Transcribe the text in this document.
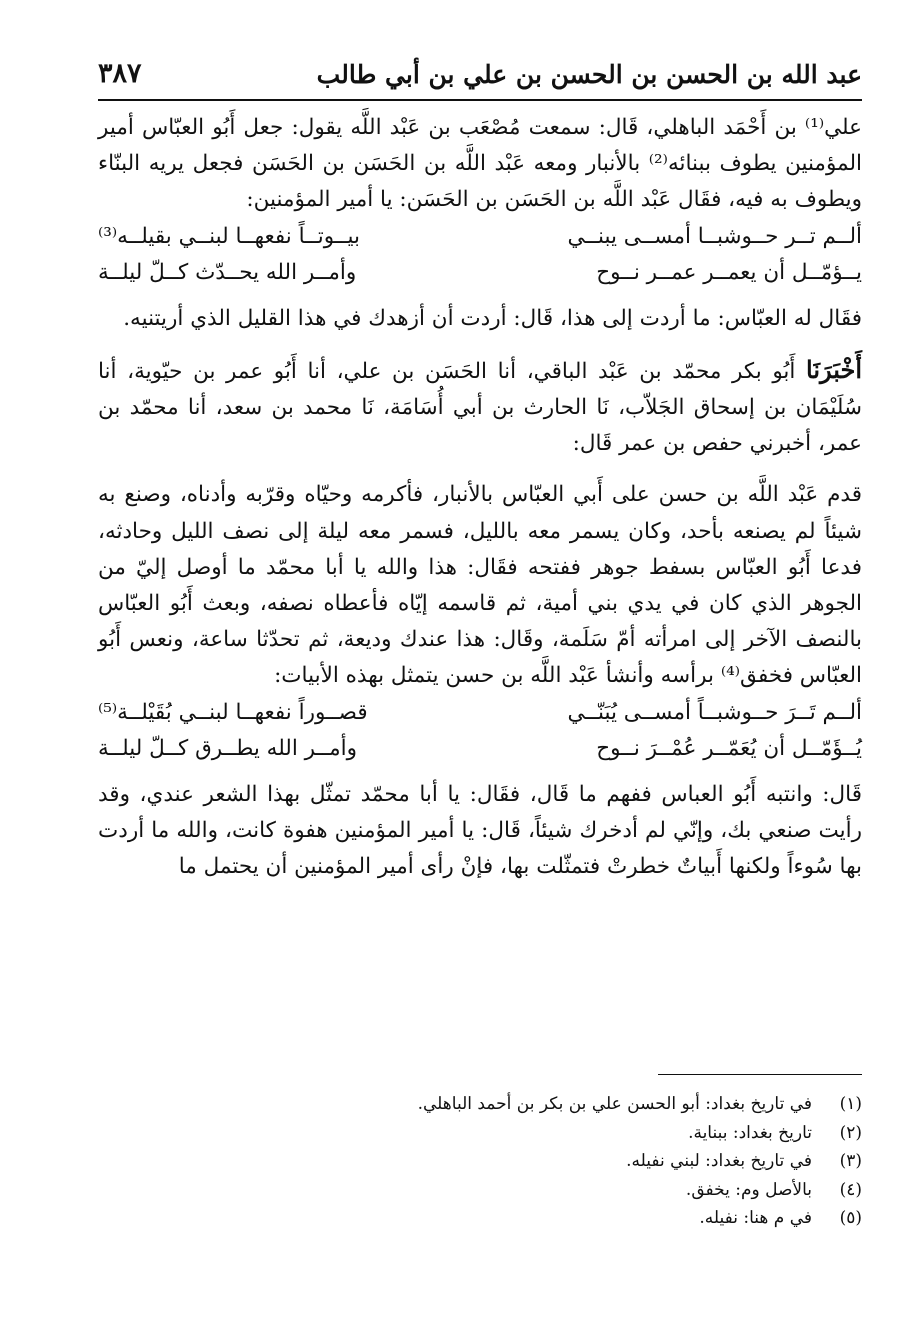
عبد الله بن الحسن بن الحسن بن علي بن أبي طالب
٣٨٧

علي⁽¹⁾ بن أَحْمَد الباهلي، قَال: سمعت مُصْعَب بن عَبْد اللَّه يقول: جعل أَبُو العبّاس أمير المؤمنين يطوف ببنائه⁽²⁾ بالأنبار ومعه عَبْد اللَّه بن الحَسَن بن الحَسَن فجعل يريه البنّاء ويطوف به فيه، فقَال عَبْد اللَّه بن الحَسَن بن الحَسَن: يا أمير المؤمنين:

ألــم تــر حــوشبــا أمســى يبنــي
بيــوتــاً نفعهــا لبنــي بقيلــه⁽³⁾
يــؤمّــل أن يعمــر عمــر نــوح
وأمــر الله يحــدّث كــلّ ليلــة

فقَال له العبّاس: ما أردت إلى هذا، قَال: أردت أن أزهدك في هذا القليل الذي أريتنيه.

أَخْبَرَنَا أَبُو بكر محمّد بن عَبْد الباقي، أنا الحَسَن بن علي، أنا أَبُو عمر بن حيّوية، أنا سُلَيْمَان بن إسحاق الجَلاّب، نَا الحارث بن أبي أُسَامَة، نَا محمد بن سعد، أنا محمّد بن عمر، أخبرني حفص بن عمر قَال:

قدم عَبْد اللَّه بن حسن على أَبي العبّاس بالأنبار، فأكرمه وحيّاه وقرّبه وأدناه، وصنع به شيئاً لم يصنعه بأحد، وكان يسمر معه بالليل، فسمر معه ليلة إلى نصف الليل وحادثه، فدعا أَبُو العبّاس بسفط جوهر ففتحه فقَال: هذا والله يا أبا محمّد ما أوصل إليّ من الجوهر الذي كان في يدي بني أمية، ثم قاسمه إيّاه فأعطاه نصفه، وبعث أَبُو العبّاس بالنصف الآخر إلى امرأته أمّ سَلَمة، وقَال: هذا عندك وديعة، ثم تحدّثا ساعة، ونعس أَبُو العبّاس فخفق⁽⁴⁾ برأسه وأنشأ عَبْد اللَّه بن حسن يتمثل بهذه الأبيات:

ألــم تَــرَ حــوشبــاً أمســى يُبَنّــي
قصــوراً نفعهــا لبنــي بُقَيْلــة⁽⁵⁾
يُــؤَمّــل أن يُعَمّــر عُمْــرَ نــوح
وأمــر الله يطــرق كــلّ ليلــة

قَال: وانتبه أَبُو العباس ففهم ما قَال، فقَال: يا أبا محمّد تمثّل بهذا الشعر عندي، وقد رأيت صنعي بك، وإنّي لم أدخرك شيئاً، قَال: يا أمير المؤمنين هفوة كانت، والله ما أردت بها سُوءاً ولكنها أَبياتٌ خطرتْ فتمثّلت بها، فإنْ رأى أمير المؤمنين أن يحتمل ما

(١)
في تاريخ بغداد: أبو الحسن علي بن بكر بن أحمد الباهلي.
(٢)
تاريخ بغداد: ببناية.
(٣)
في تاريخ بغداد: لبني نفيله.
(٤)
بالأصل وم: يخفق.
(٥)
في م هنا: نفيله.
